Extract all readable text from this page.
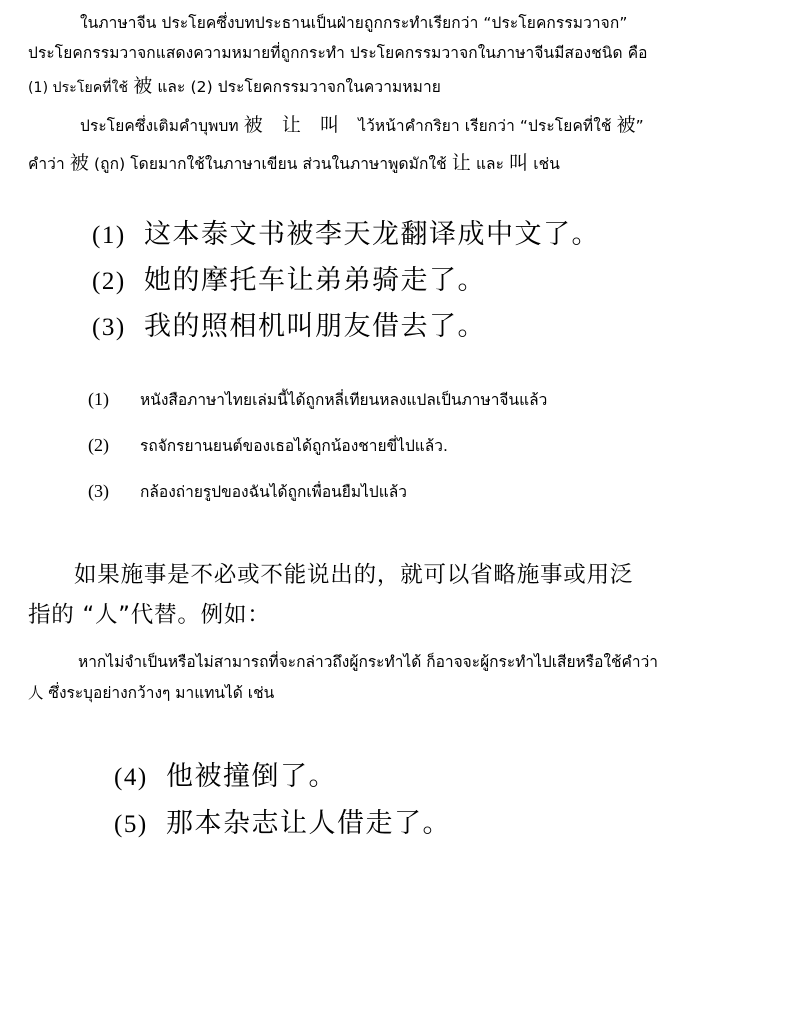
ในภาษาจีน ประโยคซึ่งบทประธานเป็นฝ่ายถูกกระทำเรียกว่า “ประโยคกรรมวาจก”
ประโยคกรรมวาจกแสดงความหมายที่ถูกกระทำ ประโยคกรรมวาจกในภาษาจีนมีสองชนิด คือ
(1) ประโยคที่ใช้ 被 และ (2) ประโยคกรรมวาจกในความหมาย
ประโยคซึ่งเติมคำบุพบท 被 让 叫 ไว้หน้าคำกริยา เรียกว่า “ประโยคที่ใช้ 被”
คำว่า 被 (ถูก) โดยมากใช้ในภาษาเขียน ส่วนในภาษาพูดมักใช้ 让 และ 叫 เช่น
(1) 这本泰文书被李天龙翻译成中文了。
(2) 她的摩托车让弟弟骑走了。
(3) 我的照相机叫朋友借去了。
(1) หนังสือภาษาไทยเล่มนี้ได้ถูกหลี่เทียนหลงแปลเป็นภาษาจีนแล้ว
(2) รถจักรยานยนต์ของเธอได้ถูกน้องชายขี่ไปแล้ว.
(3) กล้องถ่ายรูปของฉันได้ถูกเพื่อนยืมไปแล้ว
如果施事是不必或不能说出的，就可以省略施事或用泛
指的 “人”代替。例如：
หากไม่จำเป็นหรือไม่สามารถที่จะกล่าวถึงผู้กระทำได้ ก็อาจจะผู้กระทำไปเสียหรือใช้คำว่า
人 ซึ่งระบุอย่างกว้างๆ มาแทนได้ เช่น
(4) 他被撞倒了。
(5) 那本杂志让人借走了。
